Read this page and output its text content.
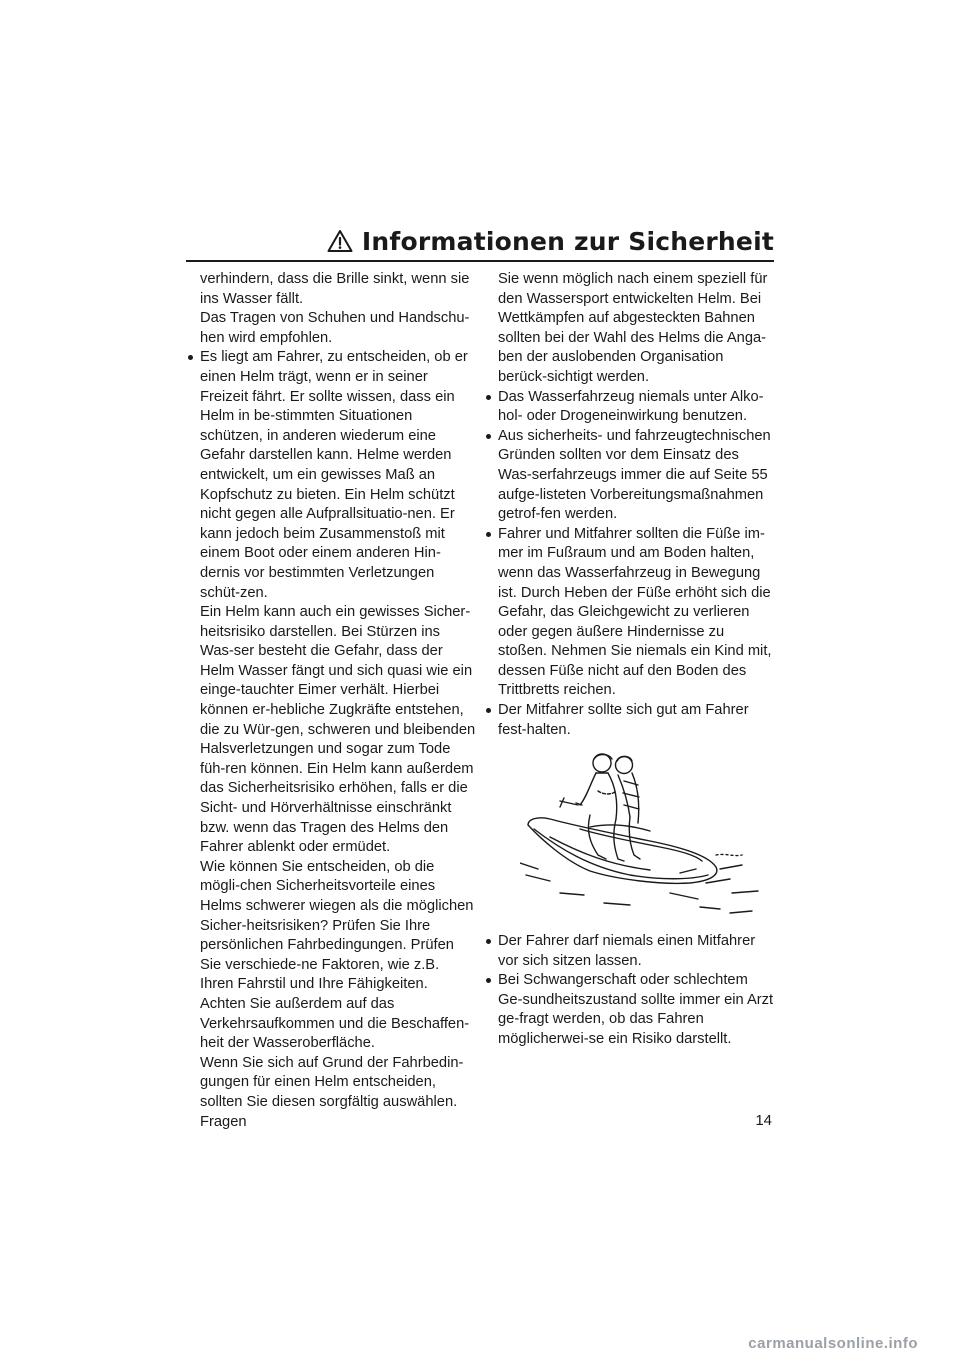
Informationen zur Sicherheit

verhindern, dass die Brille sinkt, wenn sie ins Wasser fällt.

Das Tragen von Schuhen und Handschu-hen wird empfohlen.

Es liegt am Fahrer, zu entscheiden, ob er einen Helm trägt, wenn er in seiner Freizeit fährt. Er sollte wissen, dass ein Helm in be-stimmten Situationen schützen, in anderen wiederum eine Gefahr darstellen kann. Helme werden entwickelt, um ein gewisses Maß an Kopfschutz zu bieten. Ein Helm schützt nicht gegen alle Aufprallsituatio-nen. Er kann jedoch beim Zusammenstoß mit einem Boot oder einem anderen Hin-dernis vor bestimmten Verletzungen schüt-zen.

Ein Helm kann auch ein gewisses Sicher-heitsrisiko darstellen. Bei Stürzen ins Was-ser besteht die Gefahr, dass der Helm Wasser fängt und sich quasi wie ein einge-tauchter Eimer verhält. Hierbei können er-hebliche Zugkräfte entstehen, die zu Wür-gen, schweren und bleibenden Halsverletzungen und sogar zum Tode füh-ren können. Ein Helm kann außerdem das Sicherheitsrisiko erhöhen, falls er die Sicht- und Hörverhältnisse einschränkt bzw. wenn das Tragen des Helms den Fahrer ablenkt oder ermüdet.

Wie können Sie entscheiden, ob die mögli-chen Sicherheitsvorteile eines Helms schwerer wiegen als die möglichen Sicher-heitsrisiken? Prüfen Sie Ihre persönlichen Fahrbedingungen. Prüfen Sie verschiede-ne Faktoren, wie z.B. Ihren Fahrstil und Ihre Fähigkeiten. Achten Sie außerdem auf das Verkehrsaufkommen und die Beschaffen-heit der Wasseroberfläche.

Wenn Sie sich auf Grund der Fahrbedin-gungen für einen Helm entscheiden, sollten Sie diesen sorgfältig auswählen. Fragen

Sie wenn möglich nach einem speziell für den Wassersport entwickelten Helm. Bei Wettkämpfen auf abgesteckten Bahnen sollten bei der Wahl des Helms die Anga-ben der auslobenden Organisation berück-sichtigt werden.

Das Wasserfahrzeug niemals unter Alko-hol- oder Drogeneinwirkung benutzen.
Aus sicherheits- und fahrzeugtechnischen Gründen sollten vor dem Einsatz des Was-serfahrzeugs immer die auf Seite 55 aufge-listeten Vorbereitungsmaßnahmen getrof-fen werden.
Fahrer und Mitfahrer sollten die Füße im-mer im Fußraum und am Boden halten, wenn das Wasserfahrzeug in Bewegung ist. Durch Heben der Füße erhöht sich die Gefahr, das Gleichgewicht zu verlieren oder gegen äußere Hindernisse zu stoßen. Nehmen Sie niemals ein Kind mit, dessen Füße nicht auf den Boden des Trittbretts reichen.
Der Mitfahrer sollte sich gut am Fahrer fest-halten.
Der Fahrer darf niemals einen Mitfahrer vor sich sitzen lassen.
Bei Schwangerschaft oder schlechtem Ge-sundheitszustand sollte immer ein Arzt ge-fragt werden, ob das Fahren möglicherwei-se ein Risiko darstellt.
14
carmanualsonline.info
